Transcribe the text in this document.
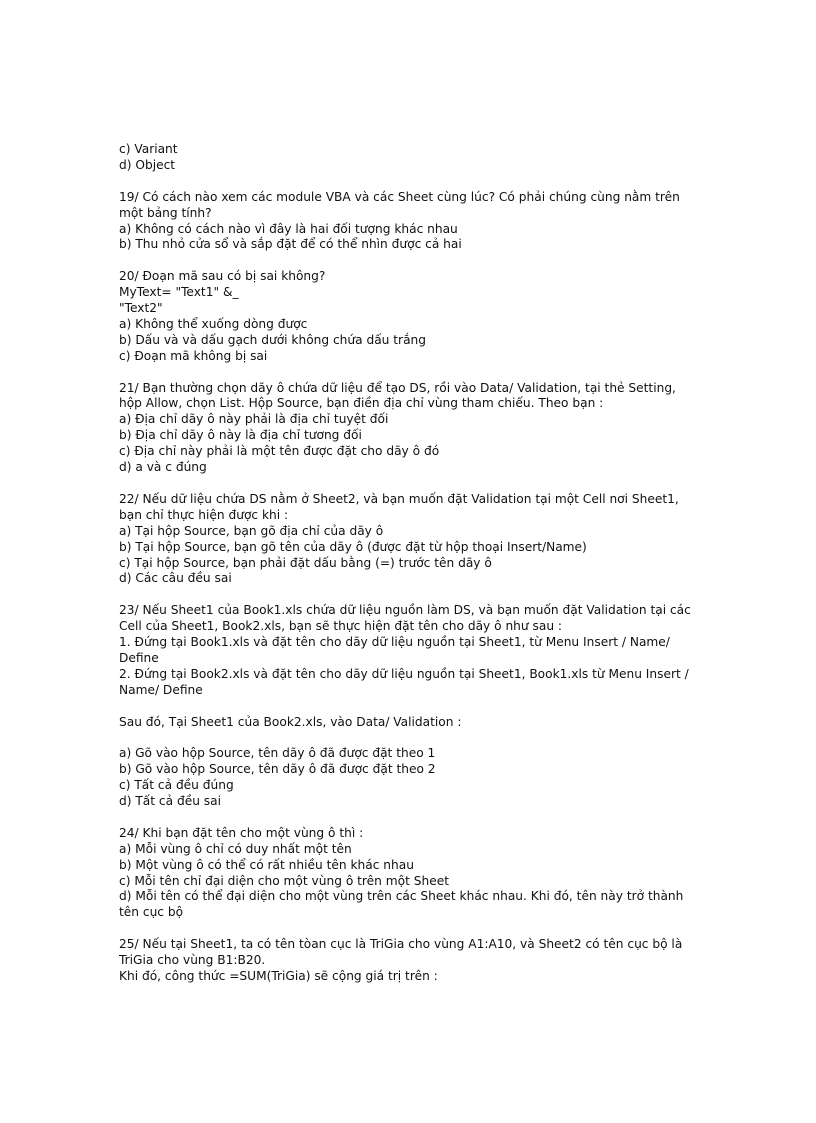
c) Variant
d) Object
19/ Có cách nào xem các module VBA và các Sheet cùng lúc? Có phải chúng cùng nằm trên một bảng tính?
a) Không có cách nào vì đây là hai đối tượng khác nhau
b) Thu nhỏ cửa sổ và sắp đặt để có thể nhìn được cả hai
20/ Đoạn mã sau có bị sai không?
MyText= "Text1" &_
"Text2"
a) Không thể xuống dòng được
b) Dấu và và dấu gạch dưới không chứa dấu trắng
c) Đoạn mã không bị sai
21/ Bạn thường chọn dãy ô chứa dữ liệu để tạo DS, rồi vào Data/ Validation, tại thẻ Setting, hộp Allow, chọn List. Hộp Source, bạn điền địa chỉ vùng tham chiếu. Theo bạn :
a) Địa chỉ dãy ô này phải là địa chỉ tuyệt đối
b) Địa chỉ dãy ô này là địa chỉ tương đối
c) Địa chỉ này phải là một tên được đặt cho dãy ô đó
d) a và c đúng
22/ Nếu dữ liệu chứa DS nằm ở Sheet2, và bạn muốn đặt Validation tại một Cell nơi Sheet1, bạn chỉ thực hiện được khi :
a) Tại hộp Source, bạn gõ địa chỉ của dãy ô
b) Tại hộp Source, bạn gõ tên của dãy ô (được đặt từ hộp thoại Insert/Name)
c) Tại hộp Source, bạn phải đặt dấu bằng (=) trước tên dãy ô
d) Các câu đều sai
23/ Nếu Sheet1 của Book1.xls chứa dữ liệu nguồn làm DS, và bạn muốn đặt Validation tại các Cell của Sheet1, Book2.xls, bạn sẽ thực hiện đặt tên cho dãy ô như sau :
1. Đứng tại Book1.xls và đặt tên cho dãy dữ liệu nguồn tại Sheet1, từ Menu Insert / Name/ Define
2. Đứng tại Book2.xls và đặt tên cho dãy dữ liệu nguồn tại Sheet1, Book1.xls từ Menu Insert / Name/ Define
Sau đó, Tại Sheet1 của Book2.xls, vào Data/ Validation :
a) Gõ vào hộp Source, tên dãy ô đã được đặt theo 1
b) Gõ vào hộp Source, tên dãy ô đã được đặt theo 2
c) Tất cả đều đúng
d) Tất cả đều sai
24/ Khi bạn đặt tên cho một vùng ô thì :
a) Mỗi vùng ô chỉ có duy nhất một tên
b) Một vùng ô có thể có rất nhiều tên khác nhau
c) Mỗi tên chỉ đại diện cho một vùng ô trên một Sheet
d) Mỗi tên có thể đại diện cho một vùng trên các Sheet khác nhau. Khi đó, tên này trở thành tên cục bộ
25/ Nếu tại Sheet1, ta có tên tòan cục là TriGia cho vùng A1:A10, và Sheet2 có tên cục bộ là TriGia cho vùng B1:B20.
Khi đó, công thức =SUM(TriGia) sẽ cộng giá trị trên :
